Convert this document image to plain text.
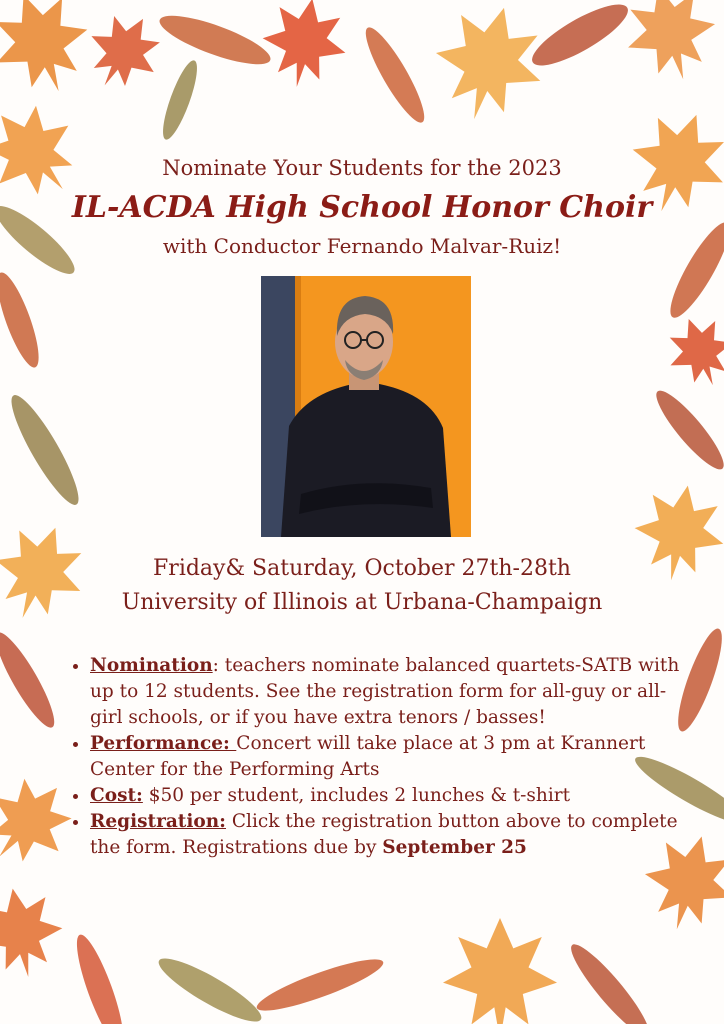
Nominate Your Students for the 2023
IL-ACDA High School Honor Choir
with Conductor Fernando Malvar-Ruiz!
Friday& Saturday, October 27th-28th
University of Illinois at Urbana-Champaign
• Nomination: teachers nominate balanced quartets-SATB with up to 12 students. See the registration form for all-guy or all-girl schools, or if you have extra tenors / basses!
• Performance: Concert will take place at 3 pm at Krannert Center for the Performing Arts
• Cost: $50 per student, includes 2 lunches & t-shirt
• Registration: Click the registration button above to complete the form. Registrations due by September 25
